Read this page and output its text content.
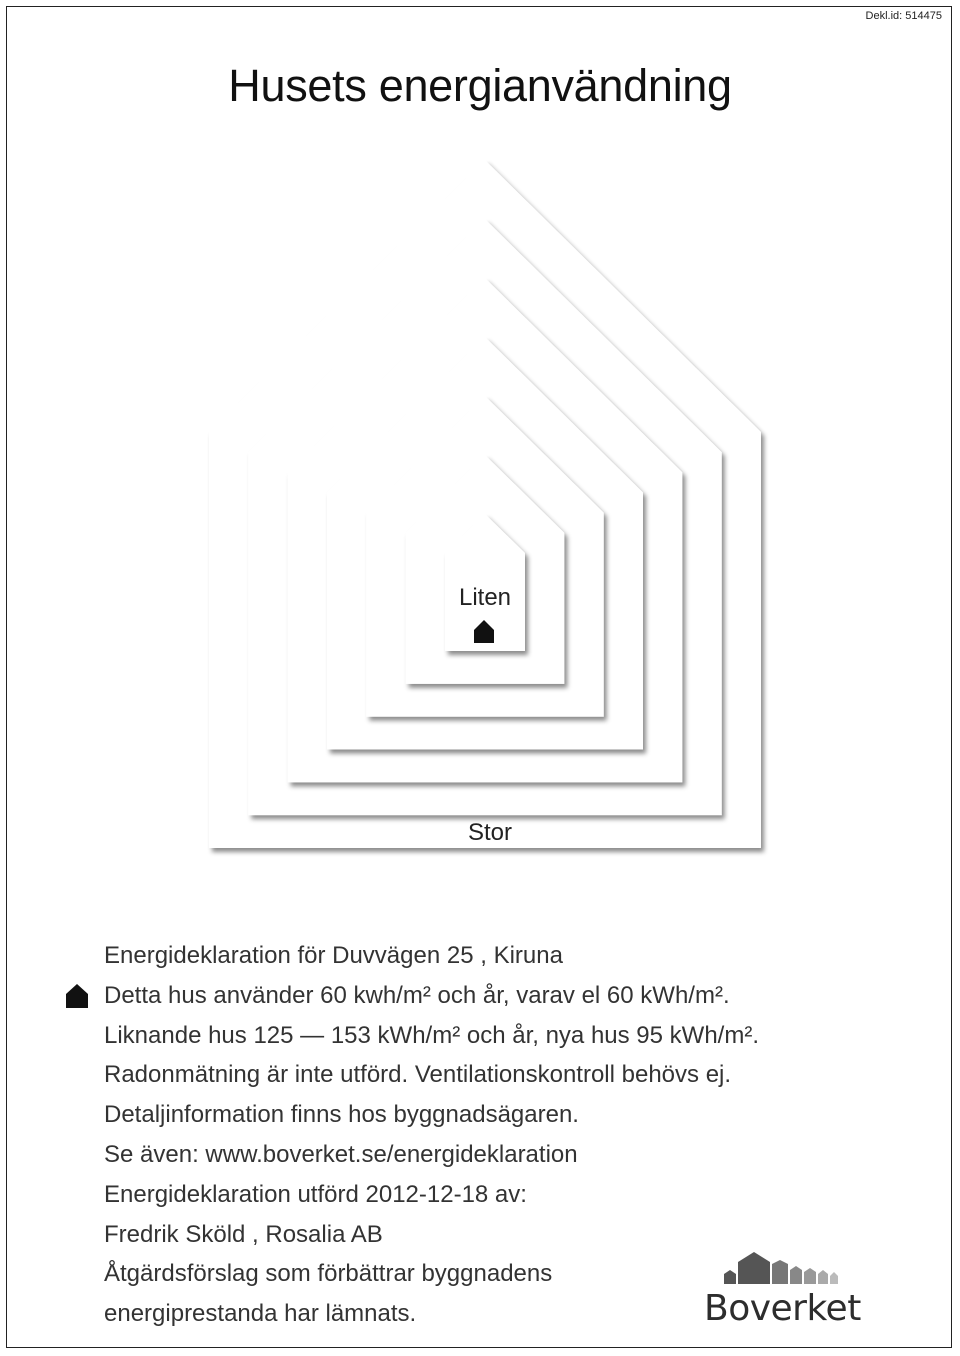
Dekl.id: 514475
Husets energianvändning
Stor
Liten
Energideklaration för Duvvägen 25 , Kiruna
Detta hus använder 60 kwh/m² och år, varav el 60 kWh/m².
Liknande hus 125 — 153 kWh/m² och år, nya hus 95 kWh/m².
Radonmätning är inte utförd. Ventilationskontroll behövs ej.
Detaljinformation finns hos byggnadsägaren.
Se även: www.boverket.se/energideklaration
Energideklaration utförd 2012-12-18 av:
Fredrik Sköld , Rosalia AB
Åtgärdsförslag som förbättrar byggnadens
energiprestanda har lämnats.	Boverket
